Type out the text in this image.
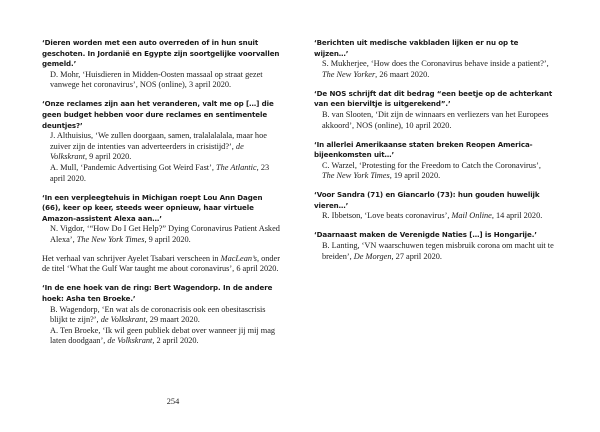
‘Dieren worden met een auto overreden of in hun snuit geschoten. In Jordanië en Egypte zijn soortgelijke voorvallen gemeld.’
D. Mohr, ‘Huisdieren in Midden-Oosten massaal op straat gezet vanwege het coronavirus’, NOS (online), 3 april 2020.
‘Onze reclames zijn aan het veranderen, valt me op […] die geen budget hebben voor dure reclames en sentimentele deuntjes?’
J. Althuisius, ‘We zullen doorgaan, samen, tralalalalala, maar hoe zuiver zijn de intenties van adverteerders in crisistijd?’, de Volkskrant, 9 april 2020.
A. Mull, ‘Pandemic Advertising Got Weird Fast’, The Atlantic, 23 april 2020.
‘In een verpleegtehuis in Michigan roept Lou Ann Dagen (66), keer op keer, steeds weer opnieuw, haar virtuele Amazon-assistent Alexa aan…’
N. Vigdor, ‘“How Do I Get Help?” Dying Coronavirus Patient Asked Alexa’, The New York Times, 9 april 2020.
Het verhaal van schrijver Ayelet Tsabari verscheen in MacLean’s, onder de titel ‘What the Gulf War taught me about coronavirus’, 6 april 2020.
‘In de ene hoek van de ring: Bert Wagendorp. In de andere hoek: Asha ten Broeke.’
B. Wagendorp, ‘En wat als de coronacrisis ook een obesitascrisis blijkt te zijn?’, de Volkskrant, 29 maart 2020.
A. Ten Broeke, ‘Ik wil geen publiek debat over wanneer jij mij mag laten doodgaan’, de Volkskrant, 2 april 2020.
254
‘Berichten uit medische vakbladen lijken er nu op te wijzen…’
S. Mukherjee, ‘How does the Coronavirus behave inside a patient?’, The New Yorker, 26 maart 2020.
‘De NOS schrijft dat dit bedrag “een beetje op de achterkant van een bierviltje is uitgerekend”.’
B. van Slooten, ‘Dit zijn de winnaars en verliezers van het Europees akkoord’, NOS (online), 10 april 2020.
‘In allerlei Amerikaanse staten breken Reopen America-bijeenkomsten uit…’
C. Warzel, ‘Protesting for the Freedom to Catch the Coronavirus’, The New York Times, 19 april 2020.
‘Voor Sandra (71) en Giancarlo (73): hun gouden huwelijk vieren…’
R. Ibbetson, ‘Love beats coronavirus’, Mail Online, 14 april 2020.
‘Daarnaast maken de Verenigde Naties […] is Hongarije.’
B. Lanting, ‘VN waarschuwen tegen misbruik corona om macht uit te breiden’, De Morgen, 27 april 2020.
